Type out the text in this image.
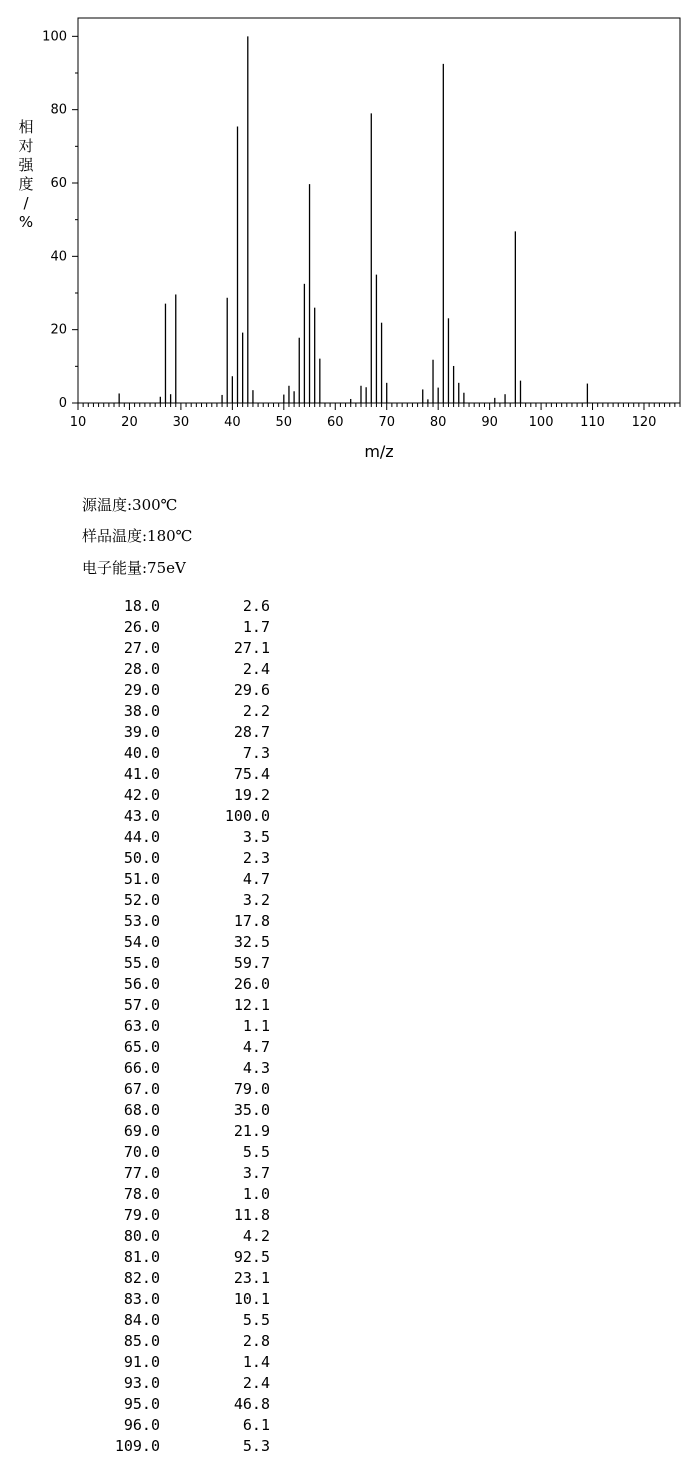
0
20
40
60
80
100
10	20	30	40	50	60	70	80	90 100 110 120
m/z
相对强度/ %
源温度:300℃
样品温度:180℃
电子能量:75eV
18.0	2.6
26.0	1.7
27.0	27.1
28.0	2.4
29.0	29.6
38.0	2.2
39.0	28.7
40.0	7.3
41.0	75.4
42.0	19.2
43.0	100.0
44.0	3.5
50.0	2.3
51.0	4.7
52.0	3.2
53.0	17.8
54.0	32.5
55.0	59.7
56.0	26.0
57.0	12.1
63.0	1.1
65.0	4.7
66.0	4.3
67.0	79.0
68.0	35.0
69.0	21.9
70.0	5.5
77.0	3.7
78.0	1.0
79.0	11.8
80.0	4.2
81.0	92.5
82.0	23.1
83.0	10.1
84.0	5.5
85.0	2.8
91.0	1.4
93.0	2.4
95.0	46.8
96.0	6.1
109.0	5.3
